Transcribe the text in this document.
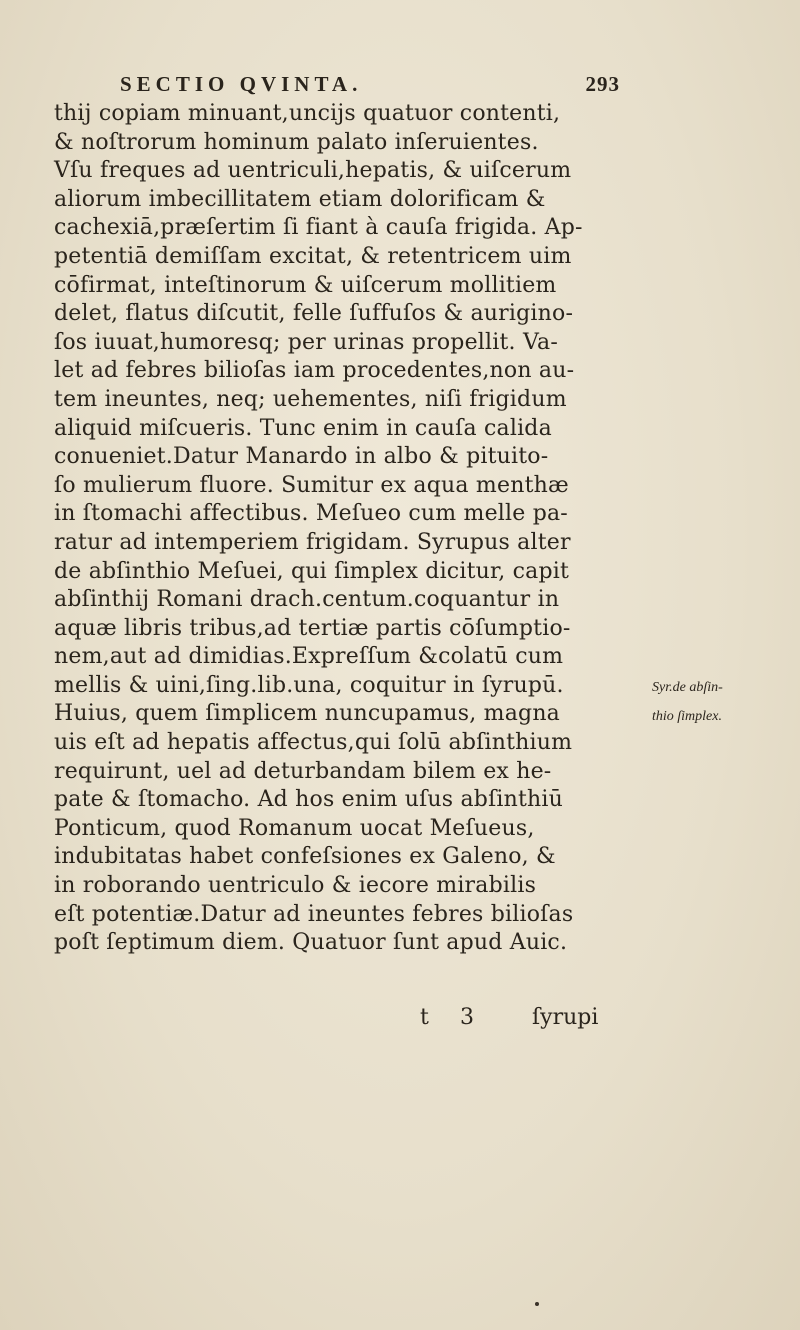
SECTIO QVINTA.	293
thij copiam minuant,uncijs quatuor contenti,
& noſtrorum hominum palato inſeruientes.
Vſu freques ad uentriculi,hepatis, & uiſcerum
aliorum imbecillitatem etiam dolorificam &
cachexiā,præſertim ſi fiant à cauſa frigida. Ap-
petentiā demiſſam excitat, & retentricem uim
cōfirmat, inteſtinorum & uiſcerum mollitiem
delet, flatus diſcutit, felle ſuffuſos & aurigino-
ſos iuuat,humoresq; per urinas propellit. Va-
let ad febres bilioſas iam procedentes,non au-
tem ineuntes, neq; uehementes, niſi frigidum
aliquid miſcueris. Tunc enim in cauſa calida
conueniet.Datur Manardo in albo & pituito-
ſo mulierum fluore. Sumitur ex aqua menthæ
in ſtomachi affectibus. Meſueo cum melle pa-
ratur ad intemperiem frigidam. Syrupus alter
de abſinthio Meſuei, qui ſimplex dicitur, capit
abſinthij Romani drach.centum.coquantur in
aquæ libris tribus,ad tertiæ partis cōſumptio-
nem,aut ad dimidias.Expreſſum &colatū cum
mellis & uini,ſing.lib.una, coquitur in ſyrupū.
Huius, quem ſimplicem nuncupamus, magna
uis eſt ad hepatis affectus,qui ſolū abſinthium
requirunt, uel ad deturbandam bilem ex he-
pate & ſtomacho. Ad hos enim uſus abſinthiū
Ponticum, quod Romanum uocat Meſueus,
indubitatas habet confeſsiones ex Galeno, &
in roborando uentriculo & iecore mirabilis
eſt potentiæ.Datur ad ineuntes febres bilioſas
poſt ſeptimum diem. Quatuor ſunt apud Auic.
Syr.de abſin-
thio ſimplex.
t 3	ſyrupi
